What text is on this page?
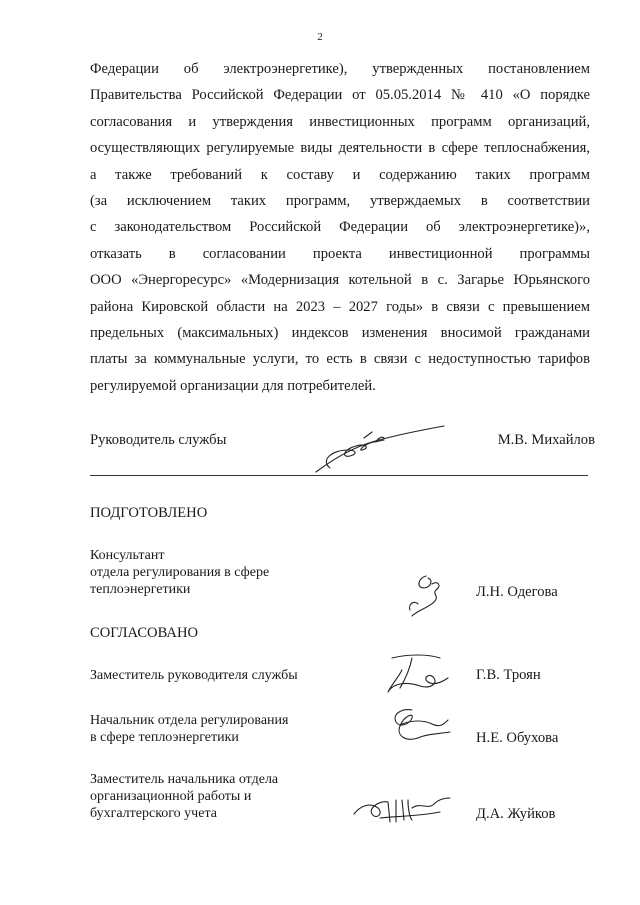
2
Федерации об электроэнергетике), утвержденных постановлением
Правительства Российской Федерации от 05.05.2014 № 410 «О порядке
согласования и утверждения инвестиционных программ организаций,
осуществляющих регулируемые виды деятельности в сфере теплоснабжения,
а также требований к составу и содержанию таких программ
(за исключением таких программ, утверждаемых в соответствии
с законодательством Российской Федерации об электроэнергетике)»,
отказать в согласовании проекта инвестиционной программы
ООО «Энергоресурс» «Модернизация котельной в с. Загарье Юрьянского
района Кировской области на 2023 – 2027 годы» в связи с превышением
предельных (максимальных) индексов изменения вносимой гражданами
платы за коммунальные услуги, то есть в связи с недоступностью тарифов
регулируемой организации для потребителей.
Руководитель службы	М.В. Михайлов
ПОДГОТОВЛЕНО
Консультант
отдела регулирования в сфере
теплоэнергетики	Л.Н. Одегова
СОГЛАСОВАНО
Заместитель руководителя службы	Г.В. Троян
Начальник отдела регулирования
в сфере теплоэнергетики	Н.Е. Обухова
Заместитель начальника отдела
организационной работы и
бухгалтерского учета	Д.А. Жуйков
